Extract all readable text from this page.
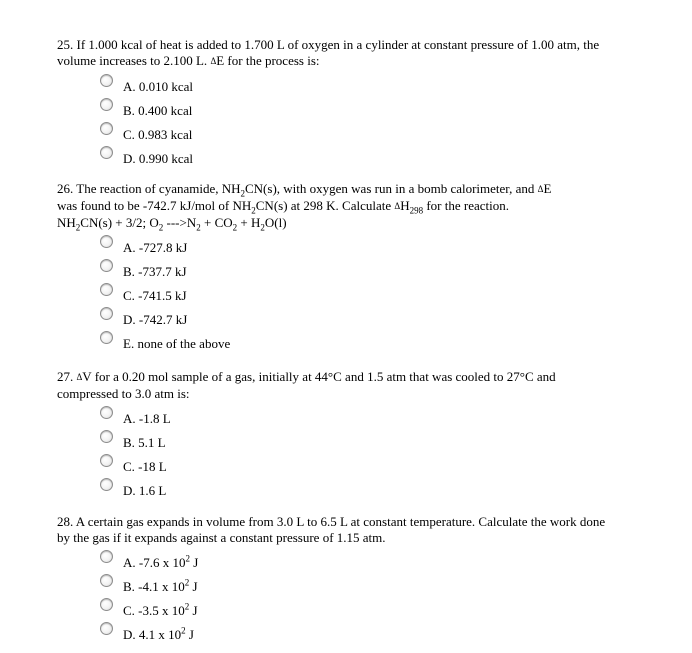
25. If 1.000 kcal of heat is added to 1.700 L of oxygen in a cylinder at constant pressure of 1.00 atm, the volume increases to 2.100 L. ΔE for the process is:

A. 0.010 kcal
B. 0.400 kcal
C. 0.983 kcal
D. 0.990 kcal

26. The reaction of cyanamide, $NH_2CN(s)$, with oxygen was run in a bomb calorimeter, and ΔE
was found to be -742.7 kJ/mol of $NH_2CN(s)$ at 298 K. Calculate $\Delta H_{298}$ for the reaction.
$NH_2CN(s) + 3/2$; $O_2$ $--->N_2 + CO_2 + H_2O(l)$

A. -727.8 kJ
B. -737.7 kJ
C. -741.5 kJ
D. -742.7 kJ
E. none of the above

27. ΔV for a 0.20 mol sample of a gas, initially at 44°C and 1.5 atm that was cooled to 27°C and compressed to 3.0 atm is:

A. -1.8 L
B. 5.1 L
C. -18 L
D. 1.6 L

28. A certain gas expands in volume from 3.0 L to 6.5 L at constant temperature. Calculate the work done by the gas if it expands against a constant pressure of 1.15 atm.

A. -7.6 x $10^2$ J
B. -4.1 x $10^2$ J
C. -3.5 x $10^2$ J
D. 4.1 x $10^2$ J
